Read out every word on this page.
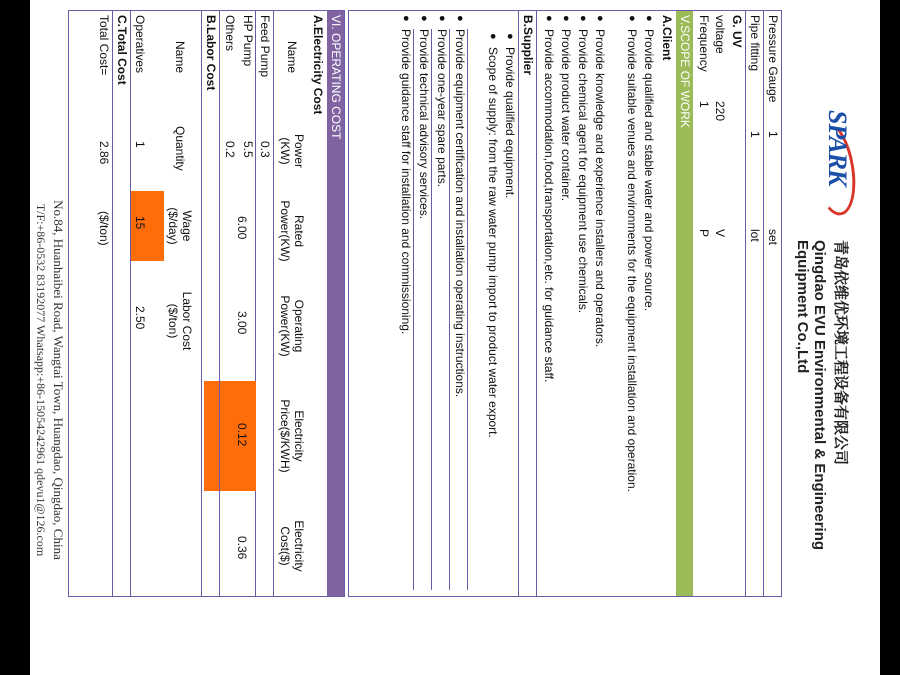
SPARK
青岛依维优环境工程设备有限公司
Qingdao EVU Environmental & Engineering Equipment Co.,Ltd
Pressure Gauge
1
set
Pipe fitting
1
lot
G. UV
voltage
220
V
Frequency
1
P
V.SCOPE OF WORK
A.Client
● Provide qualified and stable water and power source.
● Provide suitable venues and environments for the equipment installation and operation.
● Provide knowledge and experience installers and operators.
● Provide chemical agent for equipment use chemicals.
● Provide product water container.
● Provide accommodation,food,transportation,etc. for guidance staff.
B.Supplier
● Provide qualified equipment.
● Scope of supply: from the raw water pump import to product water export.
● Provide equipment certification and installation operating instructions.
● Provide one-year spare parts.
● Provide technical advisory services.
● Provide guidance staff for installation and commissioning.
VI. OPERATING COST
A.Electricity Cost
Name
Power (KW)
Rated Power(KW)
Operating Power(KW)
Electricity Price($/KWH)
Electricity Cost($)
Feed Pump
0.3
HP Pump
5.5
6.00
3.00
0.12
0.36
Others
0.2
B.Labor Cost
Name
Quantity
Wage ($/day)
Labor Cost ($/ton)
Operatives
1
15
2.50
C.Total Cost
Total Cost=
2.86
($/ton)
No.84, Huanhaibei Road, Wangtai Town, Huangdao, Qingdao, China
T/F:+86-0532 83192077 Whatsapp:+86-15054242961 qdevu1@126.com
